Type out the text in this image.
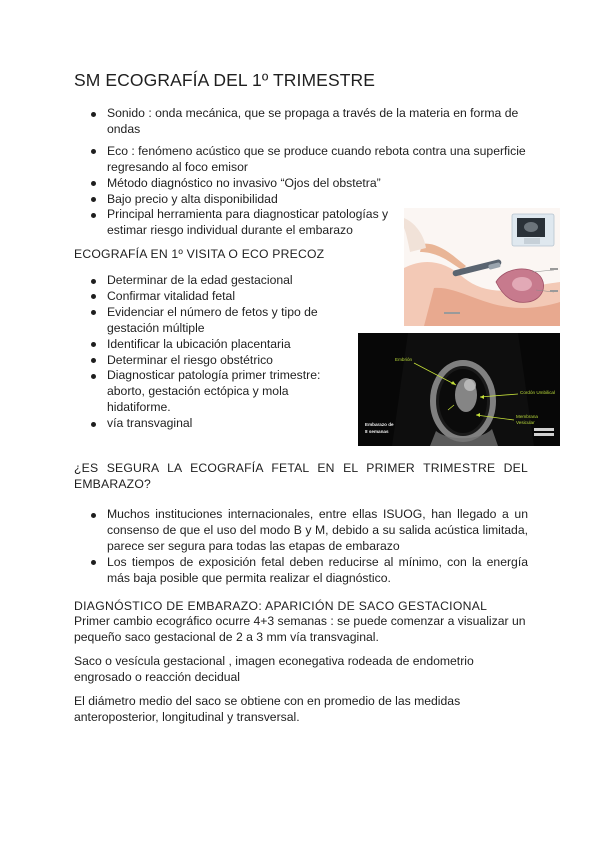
SM ECOGRAFÍA DEL 1º TRIMESTRE
Sonido : onda mecánica, que se propaga a través de la materia en forma de ondas
Eco : fenómeno acústico que se produce cuando rebota contra una superficie regresando al foco emisor
Método diagnóstico no invasivo “Ojos del obstetra”
Bajo precio y alta disponibilidad
Principal herramienta para diagnosticar patologías y estimar riesgo individual durante el embarazo
ECOGRAFÍA EN 1º VISITA O ECO PRECOZ
Determinar de la edad gestacional
Confirmar vitalidad fetal
Evidenciar el número de fetos y tipo de gestación múltiple
Identificar la ubicación placentaria
Determinar el riesgo obstétrico
Diagnosticar patología primer trimestre: aborto, gestación ectópica y mola hidatiforme.
vía transvaginal
Embrión
Cordón Umbilical
Membrana
Vesicular
Embarazo de
8 semanas
¿ES SEGURA LA ECOGRAFÍA FETAL EN EL PRIMER TRIMESTRE DEL EMBARAZO?
Muchos instituciones internacionales, entre ellas ISUOG, han llegado a un consenso de que el uso del modo B y M, debido a su salida acústica limitada, parece ser segura para todas las etapas de embarazo
Los tiempos de exposición fetal deben reducirse al mínimo, con la energía más baja posible que permita realizar el diagnóstico.
DIAGNÓSTICO DE EMBARAZO: APARICIÓN DE SACO GESTACIONAL
Primer cambio ecográfico ocurre 4+3 semanas : se puede comenzar a visualizar un pequeño saco gestacional de 2 a 3 mm vía transvaginal.
Saco o vesícula gestacional , imagen econegativa rodeada de endometrio engrosado o reacción decidual
El diámetro medio del saco se obtiene con en promedio de las medidas anteroposterior, longitudinal y transversal.
